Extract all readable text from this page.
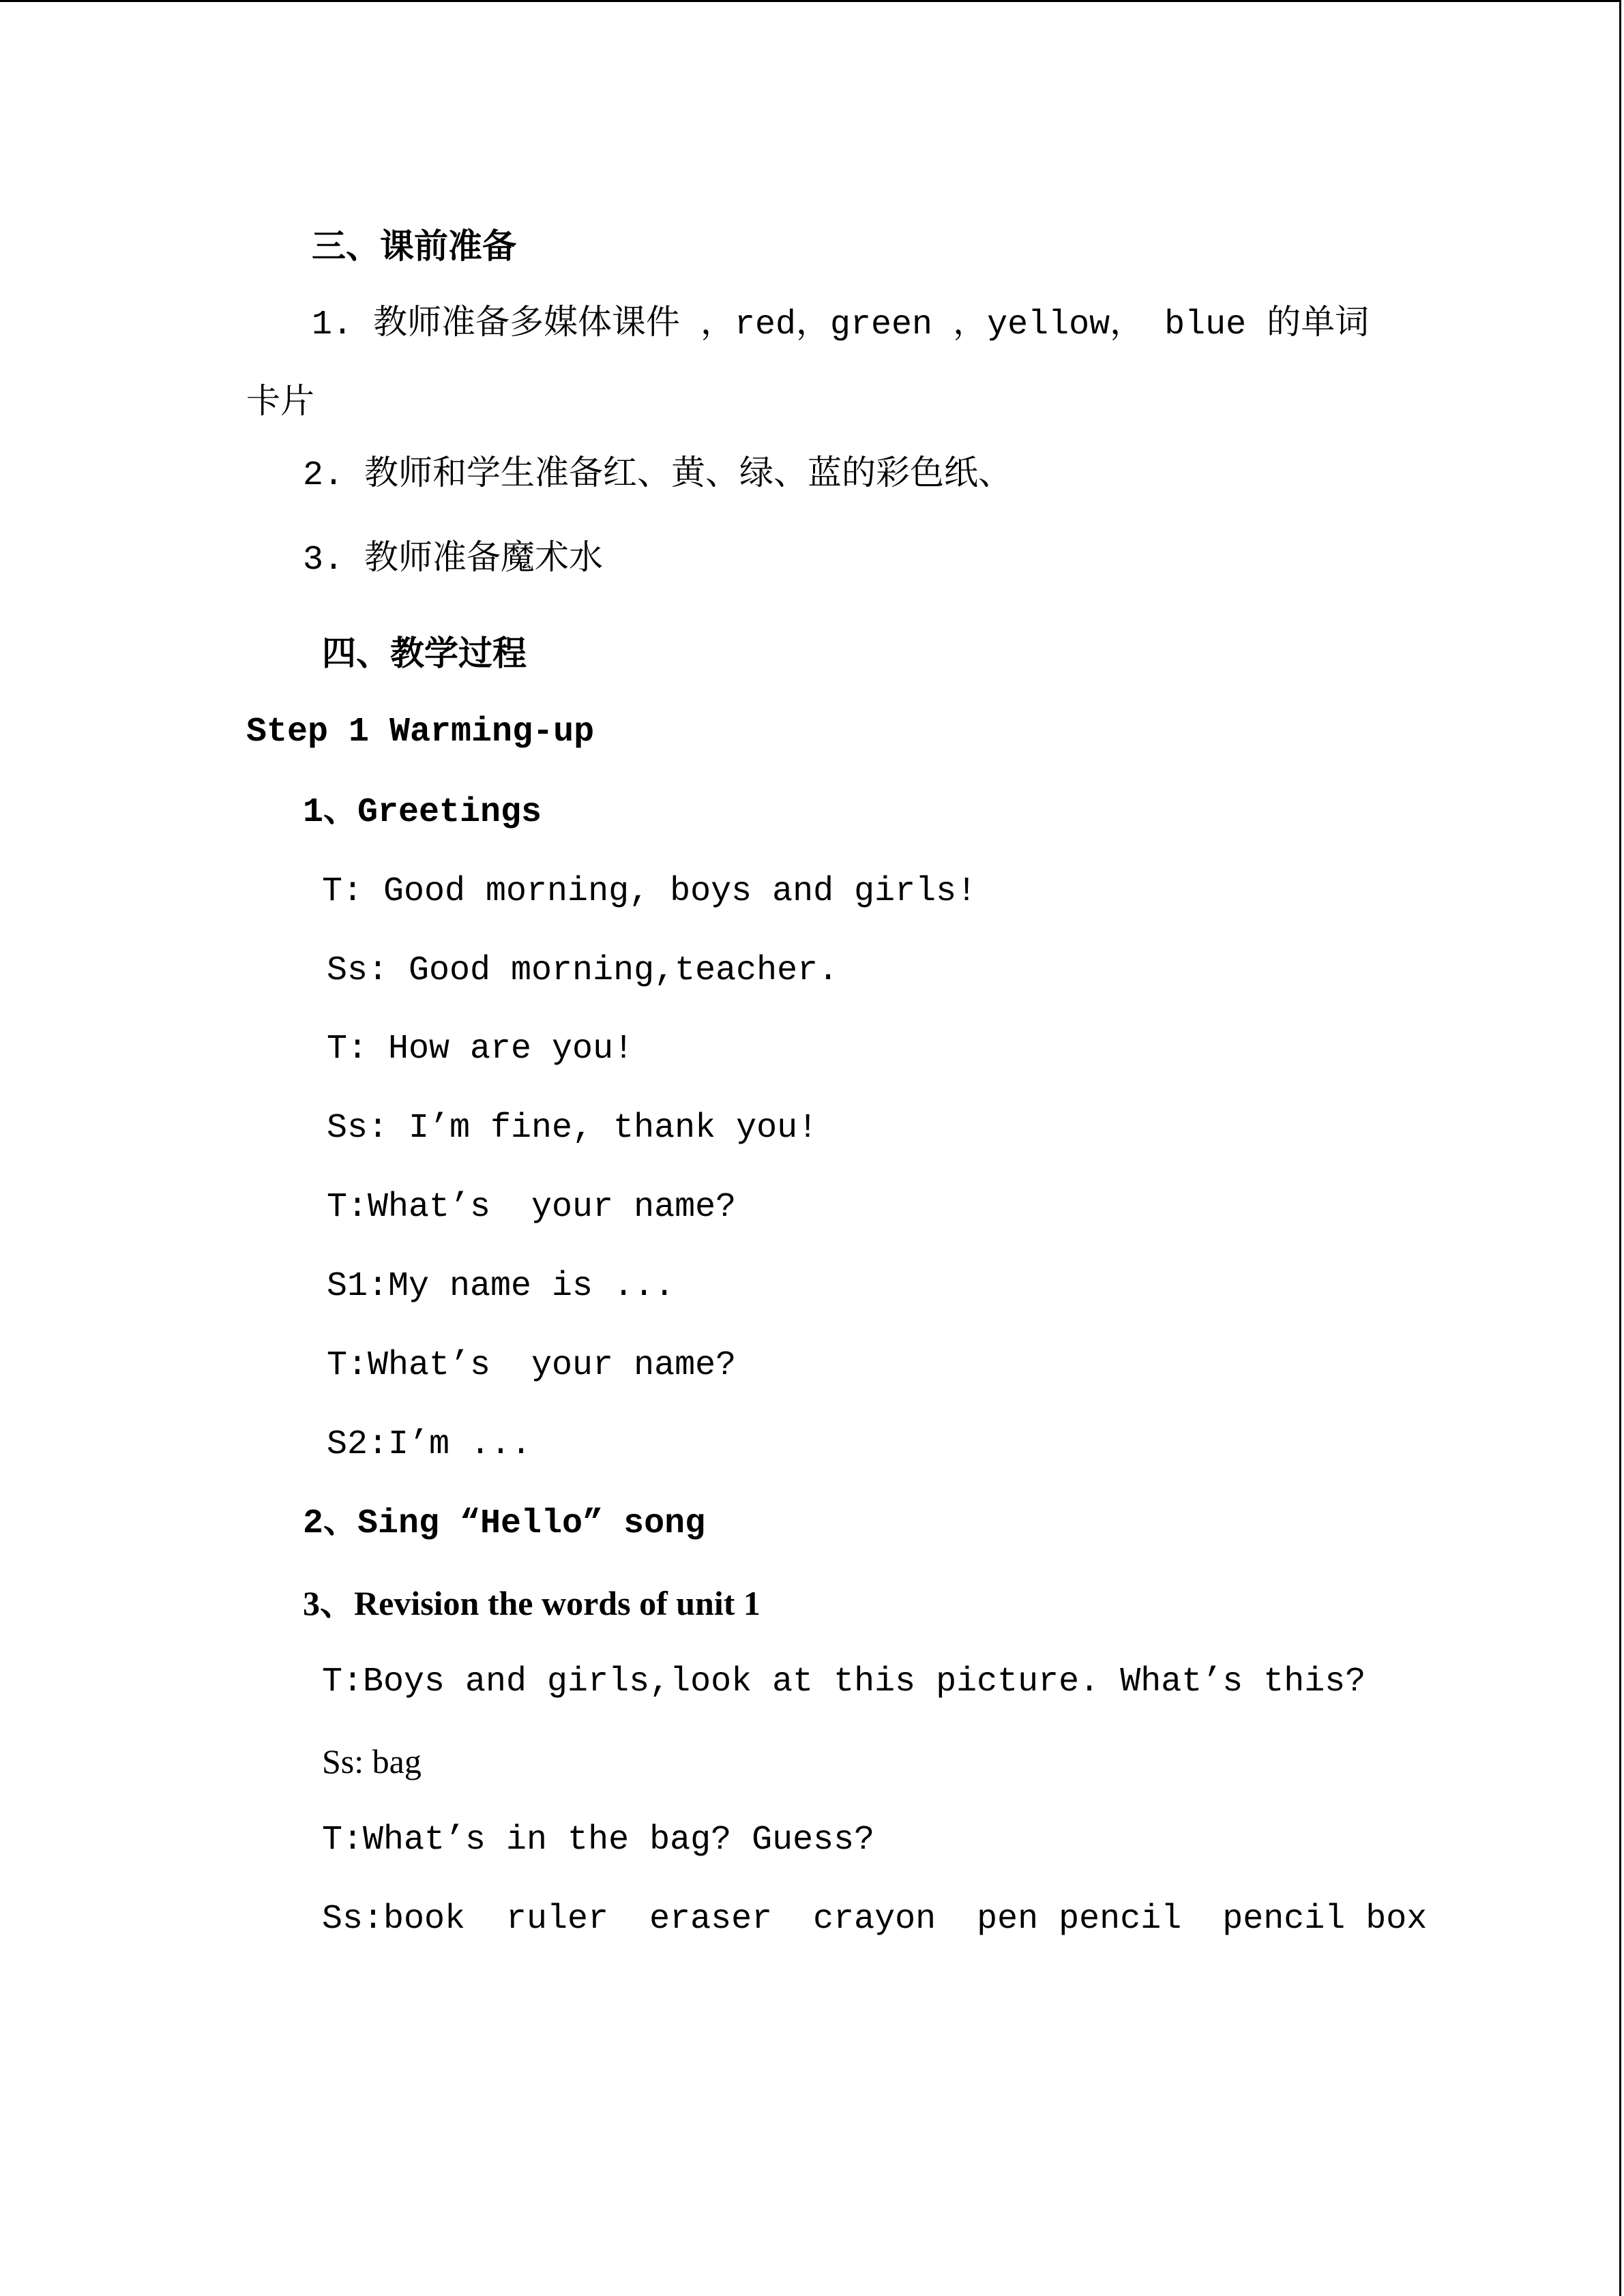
三、课前准备
1. 教师准备多媒体课件 ，red，green ，yellow， blue 的单词
卡片
2. 教师和学生准备红、黄、绿、蓝的彩色纸、
3. 教师准备魔术水
四、教学过程
Step 1 Warming-up
1、Greetings
T: Good morning, boys and girls!
Ss: Good morning,teacher.
T: How are you!
Ss: I’m fine, thank you!
T:What’s  your name?
S1:My name is ...
T:What’s  your name?
S2:I’m ...
2、Sing “Hello” song
3、Revision the words of unit 1
T:Boys and girls,look at this picture. What’s this?
Ss: bag
T:What’s in the bag? Guess?
Ss:book  ruler  eraser  crayon  pen pencil  pencil box
